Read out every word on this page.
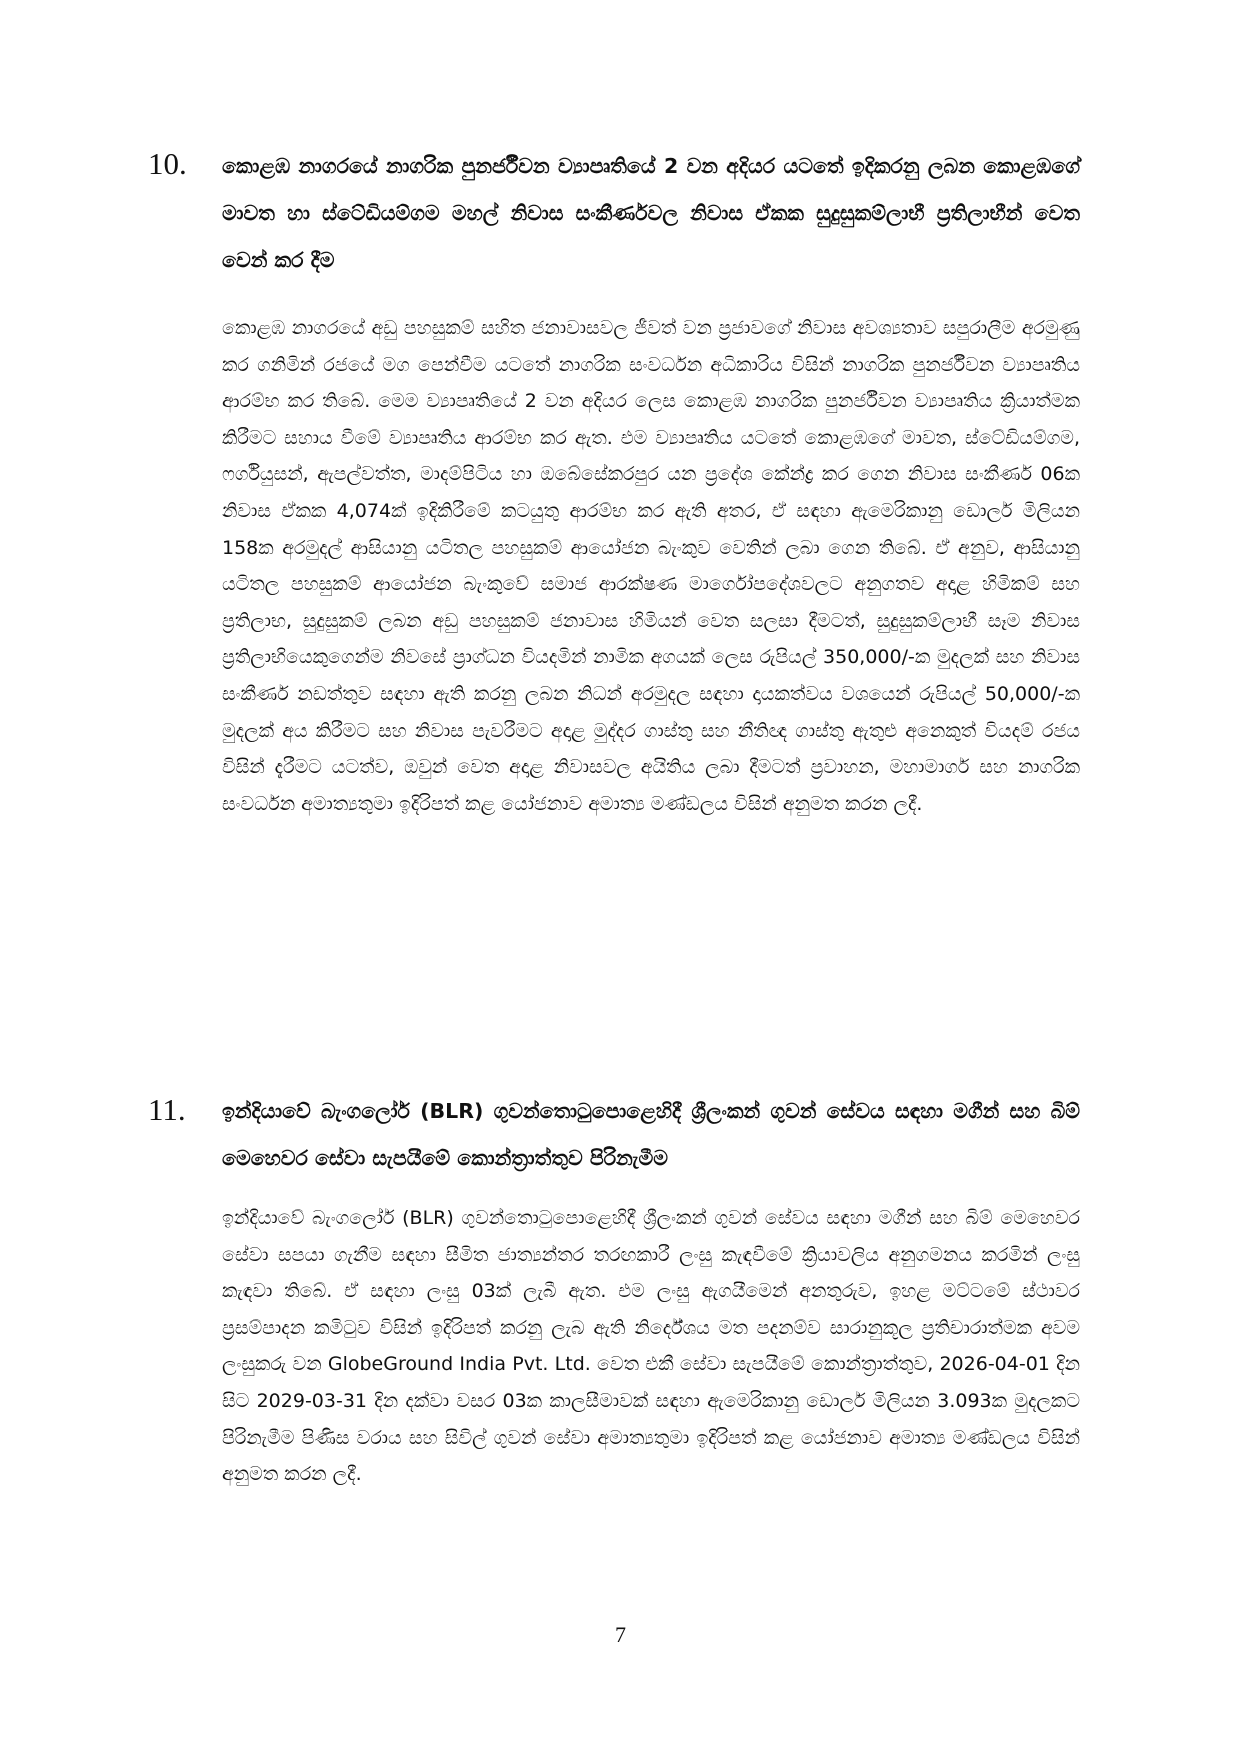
10. කොළඹ නාගරයේ නාගරික පුනර්ජීවන ව්‍යාපෘතියේ 2 වන අදියර යටතේ ඉදිකරනු ලබන කොළඹගේ මාවත හා ස්ටේඩියම්ගම මහල් නිවාස සංකීර්ණවල නිවාස ඒකක සුදුසුකම්ලාභී ප්‍රතිලාභීන් වෙත වෙන් කර දීම
කොළඹ නාගරයේ අඩු පහසුකම් සහිත ජනාවාසවල ජීවත් වන ප්‍රජාවගේ නිවාස අවශ්‍යතාව සපුරාලීම අරමුණු කර ගනිමින් රජයේ මග පෙන්වීම යටතේ නාගරික සංවර්ධන අධිකාරිය විසින් නාගරික පුනර්ජීවන ව්‍යාපෘතිය ආරම්භ කර තිබේ. මෙම ව්‍යාපෘතියේ 2 වන අදියර ලෙස කොළඹ නාගරික පුනර්ජීවන ව්‍යාපෘතිය ක්‍රියාත්මක කිරීමට සහාය වීමේ ව්‍යාපෘතිය ආරම්භ කර ඇත. එම ව්‍යාපෘතිය යටතේ කොළඹගේ මාවත, ස්ටේඩියම්ගම, ෆර්ගියුසන්, ඇපල්වත්ත, මාදම්පිටිය හා ඔබේසේකරපුර යන ප්‍රදේශ කේන්ද්‍ර කර ගෙන නිවාස සංකීර්ණ 06ක නිවාස ඒකක 4,074ක් ඉදිකිරීමේ කටයුතු ආරම්භ කර ඇති අතර, ඒ සඳහා ඇමෙරිකානු ඩොලර් මිලියන 158ක අරමුදල් ආසියානු යටිතල පහසුකම් ආයෝජන බැංකුව වෙතින් ලබා ගෙන තිබේ. ඒ අනුව, ආසියානු යටිතල පහසුකම් ආයෝජන බැංකුවේ සමාජ ආරක්ෂණ මාර්ගෝපදේශවලට අනුගතව අදාළ හිමිකම් සහ ප්‍රතිලාභ, සුදුසුකම් ලබන අඩු පහසුකම් ජනාවාස හිමියන් වෙත සලසා දීමටත්, සුදුසුකම්ලාභී සෑම නිවාස ප්‍රතිලාභියෙකුගෙන්ම නිවසේ ප්‍රාග්ධන වියදමින් නාමික අගයක් ලෙස රුපියල් 350,000/-ක මුදලක් සහ නිවාස සංකීර්ණ නඩත්තුව සඳහා ඇති කරනු ලබන නිධන් අරමුදල සඳහා දායකත්වය වශයෙන් රුපියල් 50,000/-ක මුදලක් අය කිරීමට සහ නිවාස පැවරීමට අදාළ මුද්දර ගාස්තු සහ නීතිඥ ගාස්තු ඇතුළු අනෙකුත් වියදම් රජය විසින් දැරීමට යටත්ව, ඔවුන් වෙත අදාළ නිවාසවල අයිතිය ලබා දීමටත් ප්‍රවාහන, මහාමාර්ග සහ නාගරික සංවර්ධන අමාත්‍යතුමා ඉදිරිපත් කළ යෝජනාව අමාත්‍ය මණ්ඩලය විසින් අනුමත කරන ලදී.
11. ඉන්දියාවේ බැංගලෝර් (BLR) ගුවන්තොටුපොළෙහිදී ශ්‍රීලංකන් ගුවන් සේවය සඳහා මගීන් සහ බිම් මෙහෙවර සේවා සැපයීමේ කොන්ත්‍රාත්තුව පිරිනැමීම
ඉන්දියාවේ බැංගලෝර් (BLR) ගුවන්තොටුපොළෙහිදී ශ්‍රීලංකන් ගුවන් සේවය සඳහා මගීන් සහ බිම් මෙහෙවර සේවා සපයා ගැනීම සඳහා සීමිත ජාත්‍යන්තර තරඟකාරී ලංසු කැඳවීමේ ක්‍රියාවලිය අනුගමනය කරමින් ලංසු කැඳවා තිබේ. ඒ සඳහා ලංසු 03ක් ලැබී ඇත. එම ලංසු ඇගයීමෙන් අනතුරුව, ඉහළ මට්ටමේ ස්ථාවර ප්‍රසම්පාදන කමිටුව විසින් ඉදිරිපත් කරනු ලැබ ඇති නිර්දේශය මත පදනම්ව සාරානුකූල ප්‍රතිචාරාත්මක අවම ලංසුකරු වන GlobeGround India Pvt. Ltd. වෙත එකී සේවා සැපයීමේ කොන්ත්‍රාත්තුව, 2026-04-01 දින සිට 2029-03-31 දින දක්වා වසර 03ක කාලසීමාවක් සඳහා ඇමෙරිකානු ඩොලර් මිලියන 3.093ක මුදලකට පිරිනැමීම පිණිස වරාය සහ සිවිල් ගුවන් සේවා අමාත්‍යතුමා ඉදිරිපත් කළ යෝජනාව අමාත්‍ය මණ්ඩලය විසින් අනුමත කරන ලදී.
7
